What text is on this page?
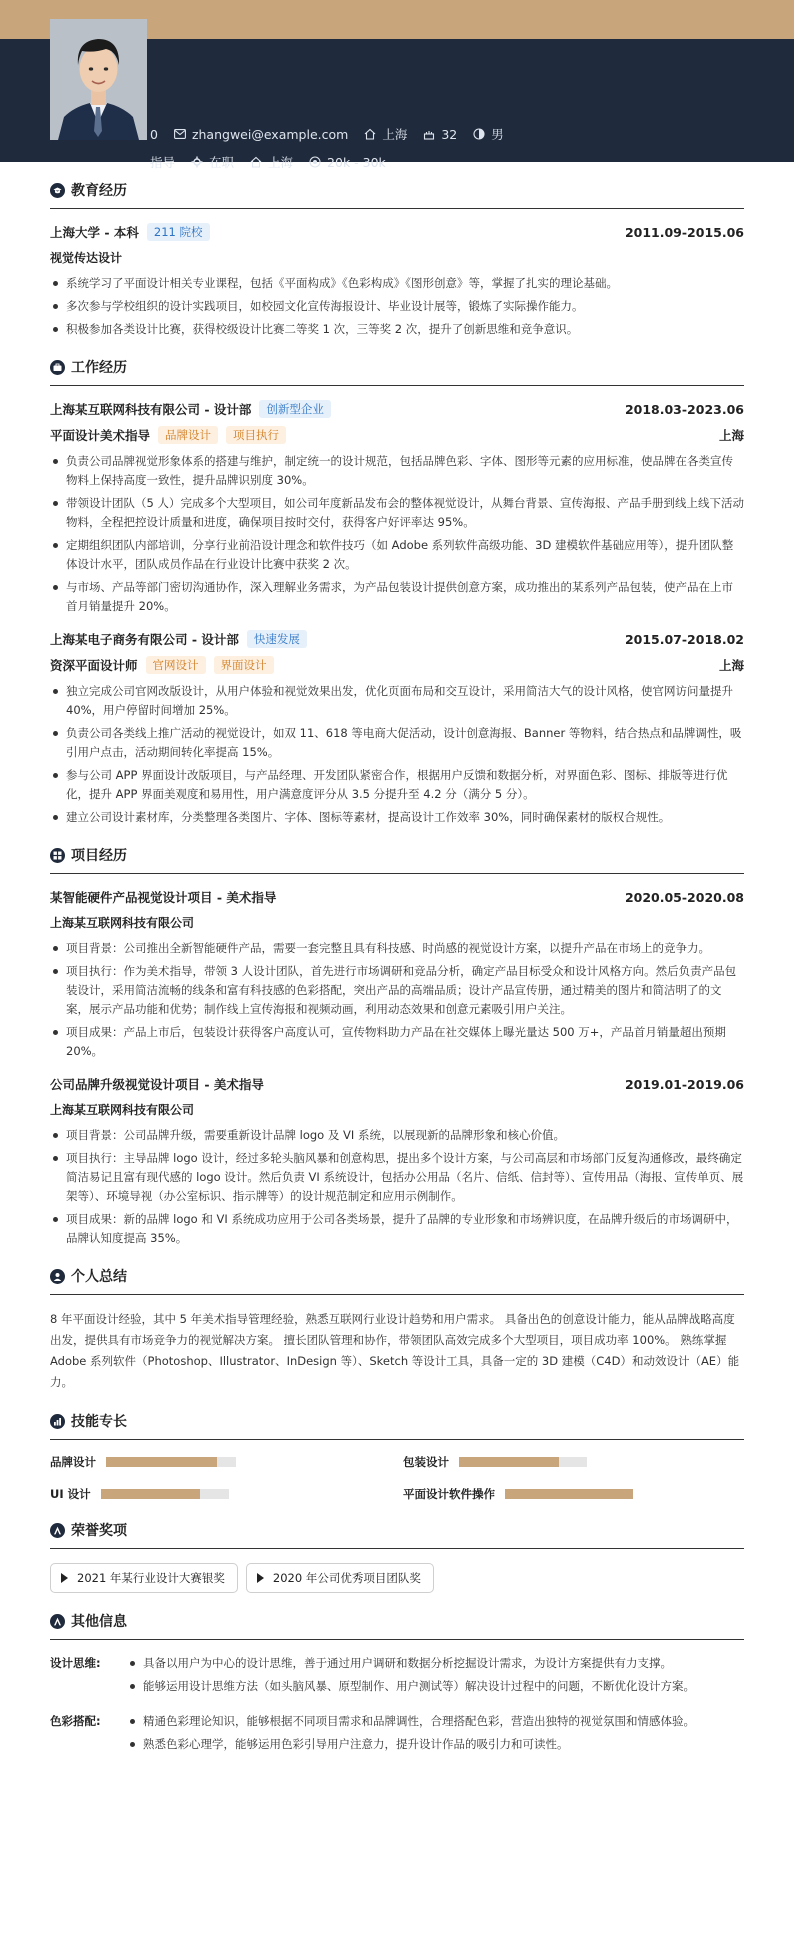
0	zhangwei@example.com	上海	32	男
指导	在职	上海	20k - 30k
教育经历
上海大学 - 本科	211 院校	2011.09-2015.06
视觉传达设计
系统学习了平面设计相关专业课程，包括《平面构成》《色彩构成》《图形创意》等，掌握了扎实的理论基础。
多次参与学校组织的设计实践项目，如校园文化宣传海报设计、毕业设计展等，锻炼了实际操作能力。
积极参加各类设计比赛，获得校级设计比赛二等奖 1 次，三等奖 2 次，提升了创新思维和竞争意识。
工作经历
上海某互联网科技有限公司 - 设计部	创新型企业	2018.03-2023.06
平面设计美术指导	品牌设计	项目执行	上海
负责公司品牌视觉形象体系的搭建与维护，制定统一的设计规范，包括品牌色彩、字体、图形等元素的应用标准，使品牌在各类宣传物料上保持高度一致性，提升品牌识别度 30%。
带领设计团队（5 人）完成多个大型项目，如公司年度新品发布会的整体视觉设计，从舞台背景、宣传海报、产品手册到线上线下活动物料，全程把控设计质量和进度，确保项目按时交付，获得客户好评率达 95%。
定期组织团队内部培训，分享行业前沿设计理念和软件技巧（如 Adobe 系列软件高级功能、3D 建模软件基础应用等），提升团队整体设计水平，团队成员作品在行业设计比赛中获奖 2 次。
与市场、产品等部门密切沟通协作，深入理解业务需求，为产品包装设计提供创意方案，成功推出的某系列产品包装，使产品在上市首月销量提升 20%。
上海某电子商务有限公司 - 设计部	快速发展	2015.07-2018.02
资深平面设计师	官网设计	界面设计	上海
独立完成公司官网改版设计，从用户体验和视觉效果出发，优化页面布局和交互设计，采用简洁大气的设计风格，使官网访问量提升 40%，用户停留时间增加 25%。
负责公司各类线上推广活动的视觉设计，如双 11、618 等电商大促活动，设计创意海报、Banner 等物料，结合热点和品牌调性，吸引用户点击，活动期间转化率提高 15%。
参与公司 APP 界面设计改版项目，与产品经理、开发团队紧密合作，根据用户反馈和数据分析，对界面色彩、图标、排版等进行优化，提升 APP 界面美观度和易用性，用户满意度评分从 3.5 分提升至 4.2 分（满分 5 分）。
建立公司设计素材库，分类整理各类图片、字体、图标等素材，提高设计工作效率 30%，同时确保素材的版权合规性。
项目经历
某智能硬件产品视觉设计项目 - 美术指导	2020.05-2020.08
上海某互联网科技有限公司
项目背景：公司推出全新智能硬件产品，需要一套完整且具有科技感、时尚感的视觉设计方案，以提升产品在市场上的竞争力。
项目执行：作为美术指导，带领 3 人设计团队，首先进行市场调研和竞品分析，确定产品目标受众和设计风格方向。然后负责产品包装设计，采用简洁流畅的线条和富有科技感的色彩搭配，突出产品的高端品质；设计产品宣传册，通过精美的图片和简洁明了的文案，展示产品功能和优势；制作线上宣传海报和视频动画，利用动态效果和创意元素吸引用户关注。
项目成果：产品上市后，包装设计获得客户高度认可，宣传物料助力产品在社交媒体上曝光量达 500 万+，产品首月销量超出预期 20%。
公司品牌升级视觉设计项目 - 美术指导	2019.01-2019.06
上海某互联网科技有限公司
项目背景：公司品牌升级，需要重新设计品牌 logo 及 VI 系统，以展现新的品牌形象和核心价值。
项目执行：主导品牌 logo 设计，经过多轮头脑风暴和创意构思，提出多个设计方案，与公司高层和市场部门反复沟通修改，最终确定简洁易记且富有现代感的 logo 设计。然后负责 VI 系统设计，包括办公用品（名片、信纸、信封等）、宣传用品（海报、宣传单页、展架等）、环境导视（办公室标识、指示牌等）的设计规范制定和应用示例制作。
项目成果：新的品牌 logo 和 VI 系统成功应用于公司各类场景，提升了品牌的专业形象和市场辨识度，在品牌升级后的市场调研中，品牌认知度提高 35%。
个人总结
8 年平面设计经验，其中 5 年美术指导管理经验，熟悉互联网行业设计趋势和用户需求。 具备出色的创意设计能力，能从品牌战略高度出发，提供具有市场竞争力的视觉解决方案。 擅长团队管理和协作，带领团队高效完成多个大型项目，项目成功率 100%。 熟练掌握 Adobe 系列软件（Photoshop、Illustrator、InDesign 等）、Sketch 等设计工具，具备一定的 3D 建模（C4D）和动效设计（AE）能力。
技能专长
品牌设计	包装设计
UI 设计	平面设计软件操作
荣誉奖项
2021 年某行业设计大赛银奖	2020 年公司优秀项目团队奖
其他信息
设计思维:	具备以用户为中心的设计思维，善于通过用户调研和数据分析挖掘设计需求，为设计方案提供有力支撑。
能够运用设计思维方法（如头脑风暴、原型制作、用户测试等）解决设计过程中的问题，不断优化设计方案。
色彩搭配:	精通色彩理论知识，能够根据不同项目需求和品牌调性，合理搭配色彩，营造出独特的视觉氛围和情感体验。
熟悉色彩心理学，能够运用色彩引导用户注意力，提升设计作品的吸引力和可读性。
